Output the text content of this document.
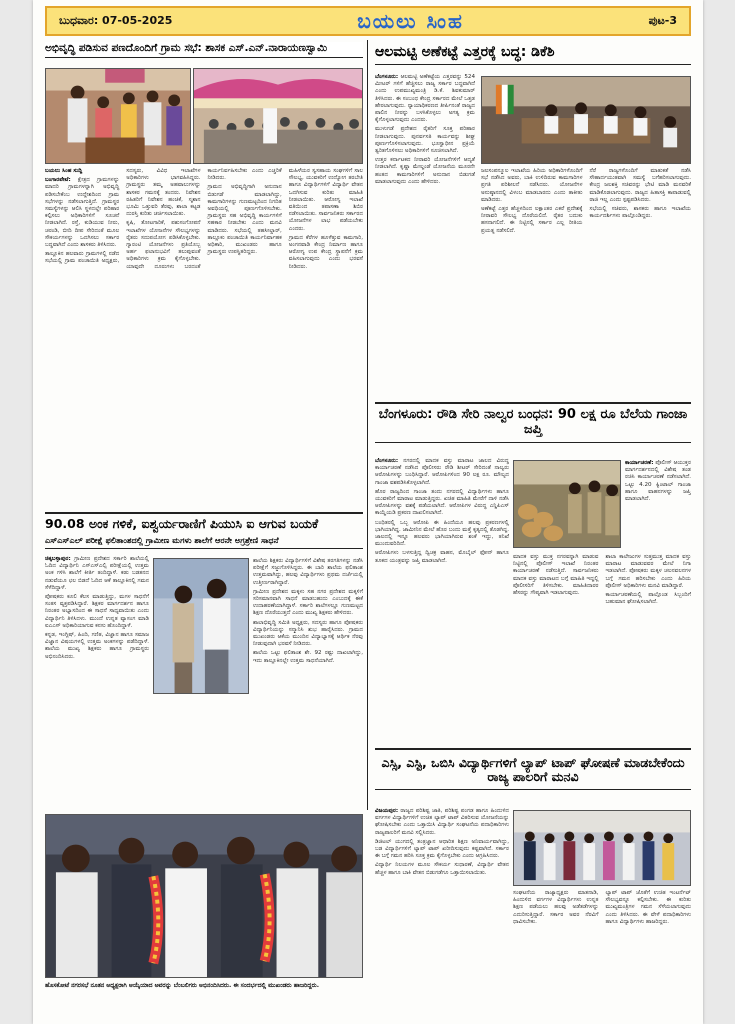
ಬುಧವಾರ: 07-05-2025	ಬಯಲು ಸಿಂಹ	ಪುಟ-3
ಅಭಿವೃದ್ಧಿ ಪಡಿಸುವ ಪಣದೊಂದಿಗೆ ಗ್ರಾಮ ಸಭೆ: ಶಾಸಕ ಎಸ್.ಎನ್.ನಾರಾಯಣಸ್ವಾಮಿ

ಬಯಲು ಸಿಂಹ ಸುದ್ದಿ

ಬಂಗಾರಪೇಟೆ: ಕ್ಷೇತ್ರದ ಗ್ರಾಮಗಳನ್ನು ಮಾದರಿ ಗ್ರಾಮಗಳನ್ನಾಗಿ ಅಭಿವೃದ್ಧಿ ಪಡಿಸಬೇಕೆಂಬ ಉದ್ದೇಶದಿಂದ ಗ್ರಾಮ ಸಭೆಗಳನ್ನು ನಡೆಸಲಾಗುತ್ತಿದೆ. ಗ್ರಾಮಸ್ಥರ ಸಮಸ್ಯೆಗಳನ್ನು ಆಲಿಸಿ ಸ್ಥಳದಲ್ಲೇ ಪರಿಹಾರ ಕಲ್ಪಿಸಲು ಅಧಿಕಾರಿಗಳಿಗೆ ಸೂಚನೆ ನೀಡಲಾಗಿದೆ. ರಸ್ತೆ, ಕುಡಿಯುವ ನೀರು, ಚರಂಡಿ, ಬೀದಿ ದೀಪ ಸೇರಿದಂತೆ ಮೂಲ ಸೌಕರ್ಯಗಳನ್ನು ಒದಗಿಸಲು ಸರ್ಕಾರ ಬದ್ಧವಾಗಿದೆ ಎಂದು ಶಾಸಕರು ತಿಳಿಸಿದರು.

ತಾಲ್ಲೂಕಿನ ಹಲವಾರು ಗ್ರಾಮಗಳಲ್ಲಿ ನಡೆದ ಸಭೆಯಲ್ಲಿ ಗ್ರಾಮ ಪಂಚಾಯಿತಿ ಅಧ್ಯಕ್ಷರು, ಸದಸ್ಯರು, ವಿವಿಧ ಇಲಾಖೆಗಳ ಅಧಿಕಾರಿಗಳು ಭಾಗವಹಿಸಿದ್ದರು. ಗ್ರಾಮಸ್ಥರು ತಮ್ಮ ಅಹವಾಲುಗಳನ್ನು ಶಾಸಕರ ಗಮನಕ್ಕೆ ತಂದರು. ನಿವೇಶನ ರಹಿತರಿಗೆ ನಿವೇಶನ ಹಂಚಿಕೆ, ಸ್ಮಶಾನ ಭೂಮಿ ಒತ್ತುವರಿ ತೆರವು, ಶಾಲಾ ಕಟ್ಟಡ ದುರಸ್ತಿ ಕುರಿತು ಚರ್ಚಿಸಲಾಯಿತು.

ಕೃಷಿ, ತೋಟಗಾರಿಕೆ, ಪಶುಸಂಗೋಪನೆ ಇಲಾಖೆಗಳ ಯೋಜನೆಗಳ ಸೌಲಭ್ಯಗಳನ್ನು ರೈತರು ಸದುಪಯೋಗ ಪಡಿಸಿಕೊಳ್ಳಬೇಕು. ಗ್ಯಾರಂಟಿ ಯೋಜನೆಗಳು ಪ್ರತಿಯೊಬ್ಬ ಅರ್ಹ ಫಲಾನುಭವಿಗೆ ತಲುಪುವಂತೆ ಅಧಿಕಾರಿಗಳು ಕ್ರಮ ಕೈಗೊಳ್ಳಬೇಕು. ಯಾವುದೇ ದೂರುಗಳು ಬರದಂತೆ ಕಾರ್ಯನಿರ್ವಹಿಸಬೇಕು ಎಂದು ಎಚ್ಚರಿಕೆ ನೀಡಿದರು.

ಗ್ರಾಮದ ಅಭಿವೃದ್ಧಿಗಾಗಿ ಅನುದಾನ ಬಿಡುಗಡೆ ಮಾಡಲಾಗಿದ್ದು, ಕಾಮಗಾರಿಗಳನ್ನು ಗುಣಮಟ್ಟದಿಂದ ನಿಗದಿತ ಅವಧಿಯಲ್ಲಿ ಪೂರ್ಣಗೊಳಿಸಬೇಕು. ಗ್ರಾಮಸ್ಥರು ಸಹ ಅಭಿವೃದ್ಧಿ ಕಾರ್ಯಗಳಿಗೆ ಸಹಕಾರ ನೀಡಬೇಕು ಎಂದು ಮನವಿ ಮಾಡಿದರು. ಸಭೆಯಲ್ಲಿ ತಹಸೀಲ್ದಾರ್, ತಾಲ್ಲೂಕು ಪಂಚಾಯಿತಿ ಕಾರ್ಯನಿರ್ವಾಹಕ ಅಧಿಕಾರಿ, ಮುಖಂಡರು ಹಾಗೂ ಗ್ರಾಮಸ್ಥರು ಉಪಸ್ಥಿತರಿದ್ದರು.

ಮಹಿಳೆಯರ ಸ್ವಸಹಾಯ ಸಂಘಗಳಿಗೆ ಸಾಲ ಸೌಲಭ್ಯ, ಯುವಕರಿಗೆ ಉದ್ಯೋಗ ತರಬೇತಿ ಹಾಗೂ ವಿದ್ಯಾರ್ಥಿಗಳಿಗೆ ವಿದ್ಯಾರ್ಥಿ ವೇತನ ಒದಗಿಸುವ ಕುರಿತು ಮಾಹಿತಿ ನೀಡಲಾಯಿತು. ಆರೋಗ್ಯ ಇಲಾಖೆ ವತಿಯಿಂದ ತಪಾಸಣಾ ಶಿಬಿರ ನಡೆಸಲಾಯಿತು. ಸಾರ್ವಜನಿಕರು ಸರ್ಕಾರದ ಯೋಜನೆಗಳ ಲಾಭ ಪಡೆಯಬೇಕು ಎಂದರು.

ಗ್ರಾಮದ ಕೆರೆಗಳ ಹೂಳೆತ್ತುವ ಕಾಮಗಾರಿ, ಅಂಗನವಾಡಿ ಕೇಂದ್ರ ನಿರ್ಮಾಣ ಹಾಗೂ ಆರೋಗ್ಯ ಉಪ ಕೇಂದ್ರ ಸ್ಥಾಪನೆಗೆ ಕ್ರಮ ವಹಿಸಲಾಗುವುದು ಎಂದು ಭರವಸೆ ನೀಡಿದರು.

90.08 ಅಂಕ ಗಳಿಕೆ, ಐಶ್ವರ್ಯರಾಣಿಗೆ ಪಿಯುಸಿ ಐ ಆಗುವ ಬಯಕೆ
ಎಸ್ಎಸ್ಎಲ್ ಪರೀಕ್ಷೆ ಫಲಿತಾಂಶದಲ್ಲಿ ಗ್ರಾಮೀಣ ಮಗಳು ಶಾಲೆಗೆ ಆರನೇ ಅಗ್ರಶ್ರೇಣಿ ಸಾಧನೆ

ಚಿಕ್ಕಬಳ್ಳಾಪುರ: ಗ್ರಾಮೀಣ ಪ್ರದೇಶದ ಸರ್ಕಾರಿ ಶಾಲೆಯಲ್ಲಿ ಓದಿದ ವಿದ್ಯಾರ್ಥಿನಿ ಎಸ್ಎಸ್ಎಲ್ಸಿ ಪರೀಕ್ಷೆಯಲ್ಲಿ ಉತ್ತಮ ಅಂಕ ಗಳಿಸಿ ಶಾಲೆಗೆ ಕೀರ್ತಿ ತಂದಿದ್ದಾಳೆ. ಕಡು ಬಡತನದ ನಡುವೆಯೂ ಛಲ ಬಿಡದೆ ಓದಿದ ಆಕೆ ತಾಲ್ಲೂಕಿನಲ್ಲಿ ಗಮನ ಸೆಳೆದಿದ್ದಾಳೆ.

ಪೋಷಕರು ಕೂಲಿ ಕೆಲಸ ಮಾಡುತ್ತಿದ್ದು, ಮಗಳ ಸಾಧನೆಗೆ ಸಂತಸ ವ್ಯಕ್ತಪಡಿಸಿದ್ದಾರೆ. ಶಿಕ್ಷಕರ ಮಾರ್ಗದರ್ಶನ ಹಾಗೂ ನಿರಂತರ ಅಭ್ಯಾಸದಿಂದ ಈ ಸಾಧನೆ ಸಾಧ್ಯವಾಯಿತು ಎಂದು ವಿದ್ಯಾರ್ಥಿನಿ ತಿಳಿಸಿದಳು. ಮುಂದೆ ಉನ್ನತ ವ್ಯಾಸಂಗ ಮಾಡಿ ಐಎಎಸ್ ಅಧಿಕಾರಿಯಾಗುವ ಕನಸು ಹೊಂದಿದ್ದಾಳೆ.

ಕನ್ನಡ, ಇಂಗ್ಲಿಷ್, ಹಿಂದಿ, ಗಣಿತ, ವಿಜ್ಞಾನ ಹಾಗೂ ಸಮಾಜ ವಿಜ್ಞಾನ ವಿಷಯಗಳಲ್ಲಿ ಉತ್ತಮ ಅಂಕಗಳನ್ನು ಪಡೆದಿದ್ದಾಳೆ. ಶಾಲೆಯ ಮುಖ್ಯ ಶಿಕ್ಷಕರು ಹಾಗೂ ಗ್ರಾಮಸ್ಥರು ಅಭಿನಂದಿಸಿದರು.

ಶಾಲೆಯ ಶಿಕ್ಷಕರು ವಿದ್ಯಾರ್ಥಿಗಳಿಗೆ ವಿಶೇಷ ತರಗತಿಗಳನ್ನು ನಡೆಸಿ ಪರೀಕ್ಷೆಗೆ ಸಜ್ಜುಗೊಳಿಸಿದ್ದರು. ಈ ಬಾರಿ ಶಾಲೆಯ ಫಲಿತಾಂಶ ಉತ್ತಮವಾಗಿದ್ದು, ಹಲವು ವಿದ್ಯಾರ್ಥಿಗಳು ಪ್ರಥಮ ದರ್ಜೆಯಲ್ಲಿ ಉತ್ತೀರ್ಣರಾಗಿದ್ದಾರೆ.

ಗ್ರಾಮೀಣ ಪ್ರದೇಶದ ಮಕ್ಕಳು ಸಹ ನಗರ ಪ್ರದೇಶದ ಮಕ್ಕಳಿಗೆ ಸರಿಸಮಾನವಾಗಿ ಸಾಧನೆ ಮಾಡಬಹುದು ಎಂಬುದಕ್ಕೆ ಈಕೆ ಉದಾಹರಣೆಯಾಗಿದ್ದಾಳೆ. ಸರ್ಕಾರಿ ಶಾಲೆಗಳಲ್ಲೂ ಗುಣಮಟ್ಟದ ಶಿಕ್ಷಣ ದೊರೆಯುತ್ತದೆ ಎಂದು ಮುಖ್ಯ ಶಿಕ್ಷಕರು ಹೇಳಿದರು.

ಶಾಲಾಭಿವೃದ್ಧಿ ಸಮಿತಿ ಅಧ್ಯಕ್ಷರು, ಸದಸ್ಯರು ಹಾಗೂ ಪೋಷಕರು ವಿದ್ಯಾರ್ಥಿನಿಯನ್ನು ಸನ್ಮಾನಿಸಿ ಶುಭ ಹಾರೈಸಿದರು. ಗ್ರಾಮದ ಮುಖಂಡರು ಆಕೆಯ ಮುಂದಿನ ವಿದ್ಯಾಭ್ಯಾಸಕ್ಕೆ ಆರ್ಥಿಕ ನೆರವು ನೀಡುವುದಾಗಿ ಭರವಸೆ ನೀಡಿದರು.

ಶಾಲೆಯ ಒಟ್ಟು ಫಲಿತಾಂಶ ಶೇ. 92 ರಷ್ಟು ದಾಖಲಾಗಿದ್ದು, ಇದು ತಾಲ್ಲೂಕಿನಲ್ಲೇ ಉತ್ತಮ ಸಾಧನೆಯಾಗಿದೆ.

ಹೊಸಕೋಟೆ ನಗರಸಭೆ ನೂತನ ಅಧ್ಯಕ್ಷರಾಗಿ ಆಯ್ಕೆಯಾದ ಅವರನ್ನು ಬೆಂಬಲಿಗರು ಅಭಿನಂದಿಸಿದರು. ಈ ಸಂದರ್ಭದಲ್ಲಿ ಮುಖಂಡರು ಹಾಜರಿದ್ದರು.
ಆಲಮಟ್ಟಿ ಅಣೆಕಟ್ಟೆ ಎತ್ತರಕ್ಕೆ ಬದ್ಧ: ಡಿಕೆಶಿ

ಬೆಂಗಳೂರು: ಆಲಮಟ್ಟಿ ಅಣೆಕಟ್ಟೆಯ ಎತ್ತರವನ್ನು 524 ಮೀಟರ್ ಗಳಿಗೆ ಹೆಚ್ಚಿಸಲು ರಾಜ್ಯ ಸರ್ಕಾರ ಬದ್ಧವಾಗಿದೆ ಎಂದು ಉಪಮುಖ್ಯಮಂತ್ರಿ ಡಿ.ಕೆ. ಶಿವಕುಮಾರ್ ತಿಳಿಸಿದರು. ಈ ಸಂಬಂಧ ಕೇಂದ್ರ ಸರ್ಕಾರದ ಮೇಲೆ ಒತ್ತಡ ಹೇರಲಾಗುವುದು. ನ್ಯಾಯಾಧಿಕರಣದ ತೀರ್ಪಿನಂತೆ ರಾಜ್ಯದ ಪಾಲಿನ ನೀರನ್ನು ಬಳಸಿಕೊಳ್ಳಲು ಅಗತ್ಯ ಕ್ರಮ ಕೈಗೊಳ್ಳಲಾಗುವುದು ಎಂದರು.

ಮುಳುಗಡೆ ಪ್ರದೇಶದ ರೈತರಿಗೆ ಸೂಕ್ತ ಪರಿಹಾರ ನೀಡಲಾಗುವುದು. ಪುನರ್ವಸತಿ ಕಾರ್ಯವನ್ನು ಶೀಘ್ರ ಪೂರ್ಣಗೊಳಿಸಲಾಗುವುದು. ಭೂಸ್ವಾಧೀನ ಪ್ರಕ್ರಿಯೆ ತ್ವರಿತಗೊಳಿಸಲು ಅಧಿಕಾರಿಗಳಿಗೆ ಸೂಚಿಸಲಾಗಿದೆ.

ಉತ್ತರ ಕರ್ನಾಟಕದ ನೀರಾವರಿ ಯೋಜನೆಗಳಿಗೆ ಆದ್ಯತೆ ನೀಡಲಾಗಿದೆ. ಕೃಷ್ಣಾ ಮೇಲ್ದಂಡೆ ಯೋಜನೆಯ ಮೂರನೇ ಹಂತದ ಕಾಮಗಾರಿಗಳಿಗೆ ಅನುದಾನ ಬಿಡುಗಡೆ ಮಾಡಲಾಗುವುದು ಎಂದು ಹೇಳಿದರು.

ಜಲಸಂಪನ್ಮೂಲ ಇಲಾಖೆಯ ಹಿರಿಯ ಅಧಿಕಾರಿಗಳೊಂದಿಗೆ ಸಭೆ ನಡೆಸಿದ ಅವರು, ಬಾಕಿ ಉಳಿದಿರುವ ಕಾಮಗಾರಿಗಳ ಪ್ರಗತಿ ಪರಿಶೀಲನೆ ನಡೆಸಿದರು. ಯೋಜನೆಗಳ ಅನುಷ್ಠಾನದಲ್ಲಿ ವಿಳಂಬ ಮಾಡಬಾರದು ಎಂದು ತಾಕೀತು ಮಾಡಿದರು.

ಅಣೆಕಟ್ಟೆ ಎತ್ತರ ಹೆಚ್ಚಳದಿಂದ ಲಕ್ಷಾಂತರ ಎಕರೆ ಪ್ರದೇಶಕ್ಕೆ ನೀರಾವರಿ ಸೌಲಭ್ಯ ದೊರೆಯಲಿದೆ. ರೈತರ ಬದುಕು ಹಸನಾಗಲಿದೆ. ಈ ನಿಟ್ಟಿನಲ್ಲಿ ಸರ್ಕಾರ ಎಲ್ಲ ರೀತಿಯ ಪ್ರಯತ್ನ ನಡೆಸಲಿದೆ.

ನೆರೆ ರಾಜ್ಯಗಳೊಂದಿಗೆ ಮಾತುಕತೆ ನಡೆಸಿ ಸೌಹಾರ್ದಯುತವಾಗಿ ಸಮಸ್ಯೆ ಬಗೆಹರಿಸಲಾಗುವುದು. ಕೇಂದ್ರ ಜಲಶಕ್ತಿ ಸಚಿವರನ್ನು ಭೇಟಿ ಮಾಡಿ ಮನವರಿಕೆ ಮಾಡಿಕೊಡಲಾಗುವುದು. ರಾಜ್ಯದ ಹಿತಾಸಕ್ತಿ ಕಾಪಾಡುವಲ್ಲಿ ರಾಜಿ ಇಲ್ಲ ಎಂದು ಸ್ಪಷ್ಟಪಡಿಸಿದರು.

ಸಭೆಯಲ್ಲಿ ಸಚಿವರು, ಶಾಸಕರು ಹಾಗೂ ಇಲಾಖೆಯ ಕಾರ್ಯದರ್ಶಿಗಳು ಪಾಲ್ಗೊಂಡಿದ್ದರು.

ಬೆಂಗಳೂರು: ರೌಡಿ ಸೇರಿ ನಾಲ್ವರ ಬಂಧನ: 90 ಲಕ್ಷ ರೂ ಬೆಲೆಯ ಗಾಂಜಾ ಜಪ್ತಿ

ಬೆಂಗಳೂರು: ನಗರದಲ್ಲಿ ಮಾದಕ ವಸ್ತು ಮಾರಾಟ ಜಾಲದ ವಿರುದ್ಧ ಕಾರ್ಯಾಚರಣೆ ನಡೆಸಿದ ಪೊಲೀಸರು ರೌಡಿ ಶೀಟರ್ ಸೇರಿದಂತೆ ನಾಲ್ವರು ಆರೋಪಿಗಳನ್ನು ಬಂಧಿಸಿದ್ದಾರೆ. ಆರೋಪಿಗಳಿಂದ 90 ಲಕ್ಷ ರೂ. ಮೌಲ್ಯದ ಗಾಂಜಾ ವಶಪಡಿಸಿಕೊಳ್ಳಲಾಗಿದೆ.

ಹೊರ ರಾಜ್ಯದಿಂದ ಗಾಂಜಾ ತಂದು ನಗರದಲ್ಲಿ ವಿದ್ಯಾರ್ಥಿಗಳು ಹಾಗೂ ಯುವಕರಿಗೆ ಮಾರಾಟ ಮಾಡುತ್ತಿದ್ದರು. ಖಚಿತ ಮಾಹಿತಿ ಮೇರೆಗೆ ದಾಳಿ ನಡೆಸಿ ಆರೋಪಿಗಳನ್ನು ವಶಕ್ಕೆ ಪಡೆಯಲಾಗಿದೆ. ಆರೋಪಿಗಳ ವಿರುದ್ಧ ಎನ್ಡಿಪಿಎಸ್ ಕಾಯ್ದೆಯಡಿ ಪ್ರಕರಣ ದಾಖಲಿಸಲಾಗಿದೆ.

ಬಂಧಿತರಲ್ಲಿ ಒಬ್ಬ ಆರೋಪಿ ಈ ಹಿಂದೆಯೂ ಹಲವು ಪ್ರಕರಣಗಳಲ್ಲಿ ಭಾಗಿಯಾಗಿದ್ದ. ಜಾಮೀನಿನ ಮೇಲೆ ಹೊರ ಬಂದು ಮತ್ತೆ ಕೃತ್ಯದಲ್ಲಿ ತೊಡಗಿದ್ದ. ಜಾಲದಲ್ಲಿ ಇನ್ನೂ ಹಲವರು ಭಾಗಿಯಾಗಿರುವ ಶಂಕೆ ಇದ್ದು, ತನಿಖೆ ಮುಂದುವರಿದಿದೆ.

ಆರೋಪಿಗಳು ಬಳಸುತ್ತಿದ್ದ ದ್ವಿಚಕ್ರ ವಾಹನ, ಮೊಬೈಲ್ ಫೋನ್ ಹಾಗೂ ತೂಕದ ಯಂತ್ರವನ್ನು ಜಪ್ತಿ ಮಾಡಲಾಗಿದೆ.

ಕಾರ್ಯಾಚರಣೆ: ಪೊಲೀಸ್ ಆಯುಕ್ತರ ಮಾರ್ಗದರ್ಶನದಲ್ಲಿ ವಿಶೇಷ ತಂಡ ರಚಿಸಿ ಕಾರ್ಯಾಚರಣೆ ನಡೆಸಲಾಗಿದೆ. ಒಟ್ಟು 4.20 ಕ್ವಿಂಟಾಲ್ ಗಾಂಜಾ ಹಾಗೂ ವಾಹನಗಳನ್ನು ಜಪ್ತಿ ಮಾಡಲಾಗಿದೆ.

ಮಾದಕ ವಸ್ತು ಮುಕ್ತ ನಗರವನ್ನಾಗಿ ಮಾಡುವ ನಿಟ್ಟಿನಲ್ಲಿ ಪೊಲೀಸ್ ಇಲಾಖೆ ನಿರಂತರ ಕಾರ್ಯಾಚರಣೆ ನಡೆಸುತ್ತಿದೆ. ಸಾರ್ವಜನಿಕರು ಮಾದಕ ವಸ್ತು ಮಾರಾಟದ ಬಗ್ಗೆ ಮಾಹಿತಿ ಇದ್ದಲ್ಲಿ ಪೊಲೀಸರಿಗೆ ತಿಳಿಸಬೇಕು. ಮಾಹಿತಿದಾರರ ಹೆಸರನ್ನು ಗೌಪ್ಯವಾಗಿ ಇಡಲಾಗುವುದು.

ಶಾಲಾ ಕಾಲೇಜುಗಳ ಸುತ್ತಮುತ್ತ ಮಾದಕ ವಸ್ತು ಮಾರಾಟ ಮಾಡುವವರ ಮೇಲೆ ನಿಗಾ ಇಡಲಾಗಿದೆ. ಪೋಷಕರು ಮಕ್ಕಳ ಚಲನವಲನಗಳ ಬಗ್ಗೆ ಗಮನ ಹರಿಸಬೇಕು ಎಂದು ಹಿರಿಯ ಪೊಲೀಸ್ ಅಧಿಕಾರಿಗಳು ಮನವಿ ಮಾಡಿದ್ದಾರೆ.

ಕಾರ್ಯಾಚರಣೆಯಲ್ಲಿ ಪಾಲ್ಗೊಂಡ ಸಿಬ್ಬಂದಿಗೆ ಬಹುಮಾನ ಘೋಷಿಸಲಾಗಿದೆ.

ಎಸ್ಸಿ, ಎಸ್ಟಿ, ಒಬಿಸಿ ವಿದ್ಯಾರ್ಥಿಗಳಿಗೆ ಲ್ಯಾಪ್ ಟಾಪ್ ಘೋಷಣೆ ಮಾಡಬೇಕೆಂದು ರಾಜ್ಯ ಪಾಲರಿಗೆ ಮನವಿ

ವಿಜಯಪುರ: ರಾಜ್ಯದ ಪರಿಶಿಷ್ಟ ಜಾತಿ, ಪರಿಶಿಷ್ಟ ಪಂಗಡ ಹಾಗೂ ಹಿಂದುಳಿದ ವರ್ಗಗಳ ವಿದ್ಯಾರ್ಥಿಗಳಿಗೆ ಉಚಿತ ಲ್ಯಾಪ್ ಟಾಪ್ ವಿತರಿಸುವ ಯೋಜನೆಯನ್ನು ಘೋಷಿಸಬೇಕು ಎಂದು ಒತ್ತಾಯಿಸಿ ವಿದ್ಯಾರ್ಥಿ ಸಂಘಟನೆಯ ಪದಾಧಿಕಾರಿಗಳು ರಾಜ್ಯಪಾಲರಿಗೆ ಮನವಿ ಸಲ್ಲಿಸಿದರು.

ಡಿಜಿಟಲ್ ಯುಗದಲ್ಲಿ ತಂತ್ರಜ್ಞಾನ ಆಧಾರಿತ ಶಿಕ್ಷಣ ಅನಿವಾರ್ಯವಾಗಿದ್ದು, ಬಡ ವಿದ್ಯಾರ್ಥಿಗಳಿಗೆ ಲ್ಯಾಪ್ ಟಾಪ್ ಖರೀದಿಸುವುದು ಕಷ್ಟವಾಗಿದೆ. ಸರ್ಕಾರ ಈ ಬಗ್ಗೆ ಗಮನ ಹರಿಸಿ ಸೂಕ್ತ ಕ್ರಮ ಕೈಗೊಳ್ಳಬೇಕು ಎಂದು ಆಗ್ರಹಿಸಿದರು.

ವಿದ್ಯಾರ್ಥಿ ನಿಲಯಗಳ ಮೂಲ ಸೌಕರ್ಯ ಸುಧಾರಣೆ, ವಿದ್ಯಾರ್ಥಿ ವೇತನ ಹೆಚ್ಚಳ ಹಾಗೂ ಬಾಕಿ ವೇತನ ಬಿಡುಗಡೆಗೂ ಒತ್ತಾಯಿಸಲಾಯಿತು.

ಸಂಘಟನೆಯ ರಾಜ್ಯಾಧ್ಯಕ್ಷರು ಮಾತನಾಡಿ, ಹಿಂದುಳಿದ ವರ್ಗಗಳ ವಿದ್ಯಾರ್ಥಿಗಳು ಉನ್ನತ ಶಿಕ್ಷಣ ಪಡೆಯಲು ಹಲವು ಅಡೆತಡೆಗಳನ್ನು ಎದುರಿಸುತ್ತಿದ್ದಾರೆ. ಸರ್ಕಾರ ಅವರ ನೆರವಿಗೆ ಧಾವಿಸಬೇಕು.

ಲ್ಯಾಪ್ ಟಾಪ್ ಜೊತೆಗೆ ಉಚಿತ ಇಂಟರ್ನೆಟ್ ಸೌಲಭ್ಯವನ್ನೂ ಕಲ್ಪಿಸಬೇಕು. ಈ ಕುರಿತು ಮುಖ್ಯಮಂತ್ರಿಗಳ ಗಮನ ಸೆಳೆಯಲಾಗುವುದು ಎಂದು ತಿಳಿಸಿದರು. ಈ ವೇಳೆ ಪದಾಧಿಕಾರಿಗಳು ಹಾಗೂ ವಿದ್ಯಾರ್ಥಿಗಳು ಹಾಜರಿದ್ದರು.
